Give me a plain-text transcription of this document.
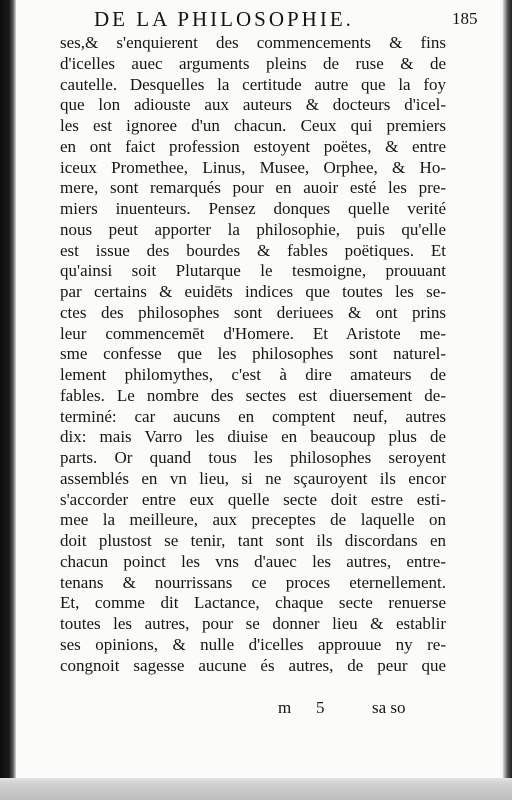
DE LA PHILOSOPHIE.	185
ses,& s'enquierent des commencements & fins
d'icelles auec arguments pleins de ruse & de
cautelle. Desquelles la certitude autre que la foy
que lon adiouste aux auteurs & docteurs d'icel-
les est ignoree d'un chacun. Ceux qui premiers
en ont faict profession estoyent poëtes, & entre
iceux Promethee, Linus, Musee, Orphee, & Ho-
mere, sont remarqués pour en auoir esté les pre-
miers inuenteurs. Pensez donques quelle verité
nous peut apporter la philosophie, puis qu'elle
est issue des bourdes & fables poëtiques. Et
qu'ainsi soit Plutarque le tesmoigne, prouuant
par certains & euidēts indices que toutes les se-
ctes des philosophes sont deriuees & ont prins
leur commencemēt d'Homere. Et Aristote me-
sme confesse que les philosophes sont naturel-
lement philomythes, c'est à dire amateurs de
fables. Le nombre des sectes est diuersement de-
terminé: car aucuns en comptent neuf, autres
dix: mais Varro les diuise en beaucoup plus de
parts. Or quand tous les philosophes seroyent
assemblés en vn lieu, si ne sçauroyent ils encor
s'accorder entre eux quelle secte doit estre esti-
mee la meilleure, aux preceptes de laquelle on
doit plustost se tenir, tant sont ils discordans en
chacun poinct les vns d'auec les autres, entre-
tenans & nourrissans ce proces eternellement.
Et, comme dit Lactance, chaque secte renuerse
toutes les autres, pour se donner lieu & establir
ses opinions, & nulle d'icelles approuue ny re-
congnoit sagesse aucune és autres, de peur que
m 5	sa so
